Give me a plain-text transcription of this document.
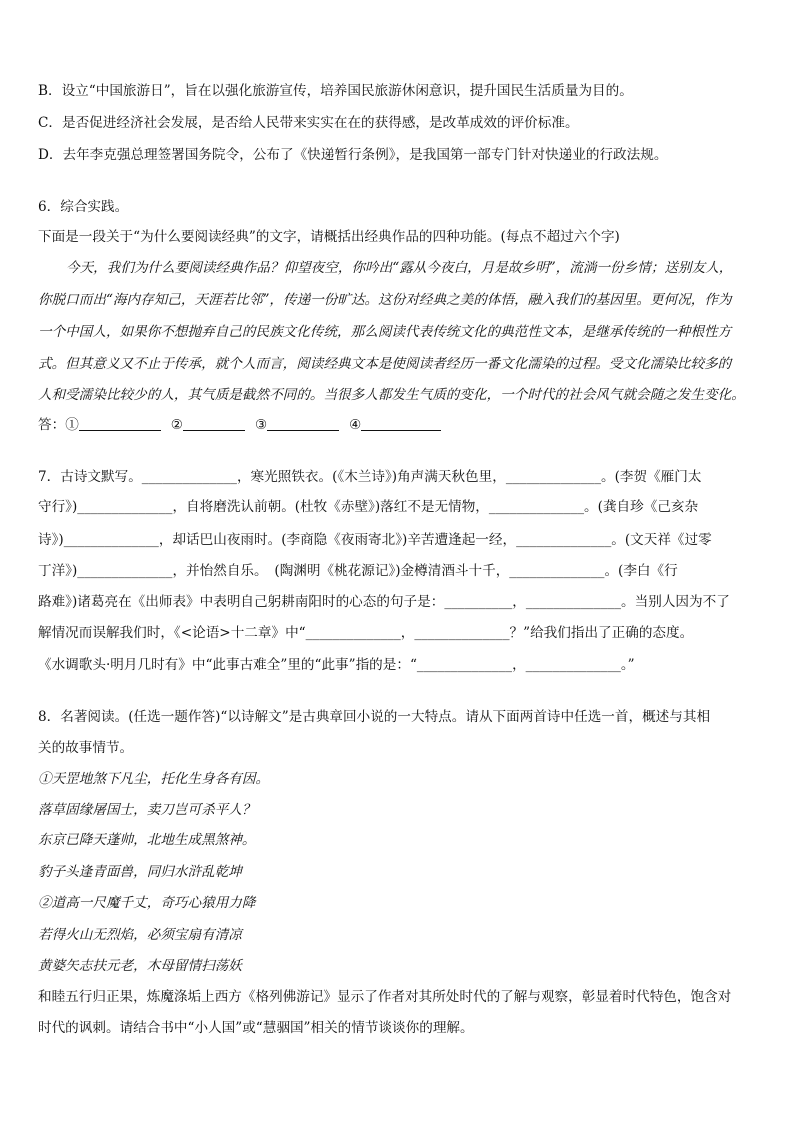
B．设立“中国旅游日”，旨在以强化旅游宣传，培养国民旅游休闲意识，提升国民生活质量为目的。
C．是否促进经济社会发展，是否给人民带来实实在在的获得感，是改革成效的评价标准。
D．去年李克强总理签署国务院令，公布了《快递暂行条例》，是我国第一部专门针对快递业的行政法规。
6．综合实践。
下面是一段关于“为什么要阅读经典”的文字，请概括出经典作品的四种功能。(每点不超过六个字)
今天，我们为什么要阅读经典作品？仰望夜空，你吟出“露从今夜白，月是故乡明”，流淌一份乡情；送别友人，
你脱口而出“海内存知己，天涯若比邻”，传递一份旷达。这份对经典之美的体悟，融入我们的基因里。更何况，作为
一个中国人，如果你不想抛弃自己的民族文化传统，那么阅读代表传统文化的典范性文本，是继承传统的一种根性方
式。但其意义又不止于传承，就个人而言，阅读经典文本是使阅读者经历一番文化濡染的过程。受文化濡染比较多的
人和受濡染比较少的人，其气质是截然不同的。当很多人都发生气质的变化，一个时代的社会风气就会随之发生变化。
答：①	②	③	④
7．古诗文默写。______________，寒光照铁衣。(《木兰诗》)角声满天秋色里，______________。(李贺《雁门太
守行》)______________，自将磨洗认前朝。(杜牧《赤壁》)落红不是无情物，______________。(龚自珍《己亥杂
诗》)______________，却话巴山夜雨时。(李商隐《夜雨寄北》)辛苦遭逢起一经，______________。(文天祥《过零
丁洋》)______________，并怡然自乐。　(陶渊明《桃花源记》)金樽清酒斗十千，______________。(李白《行
路难》)诸葛亮在《出师表》中表明自己躬耕南阳时的心态的句子是：__________，______________。当别人因为不了
解情况而误解我们时，《<论语>十二章》中“______________，______________？”给我们指出了正确的态度。
《水调歌头·明月几时有》中“此事古难全”里的“此事”指的是：“______________，______________。”
8．名著阅读。(任选一题作答)“以诗解文”是古典章回小说的一大特点。请从下面两首诗中任选一首，概述与其相
关的故事情节。
①天罡地煞下凡尘，托化生身各有因。
落草固缘屠国士，卖刀岂可杀平人？
东京已降天蓬帅，北地生成黑煞神。
豹子头逢青面兽，同归水浒乱乾坤
②道高一尺魔千丈，奇巧心猿用力降
若得火山无烈焰，必须宝扇有清凉
黄婆矢志扶元老，木母留情扫荡妖
和睦五行归正果，炼魔涤垢上西方《格列佛游记》显示了作者对其所处时代的了解与观察，彰显着时代特色，饱含对
时代的讽刺。请结合书中“小人国”或“慧骃国”相关的情节谈谈你的理解。
